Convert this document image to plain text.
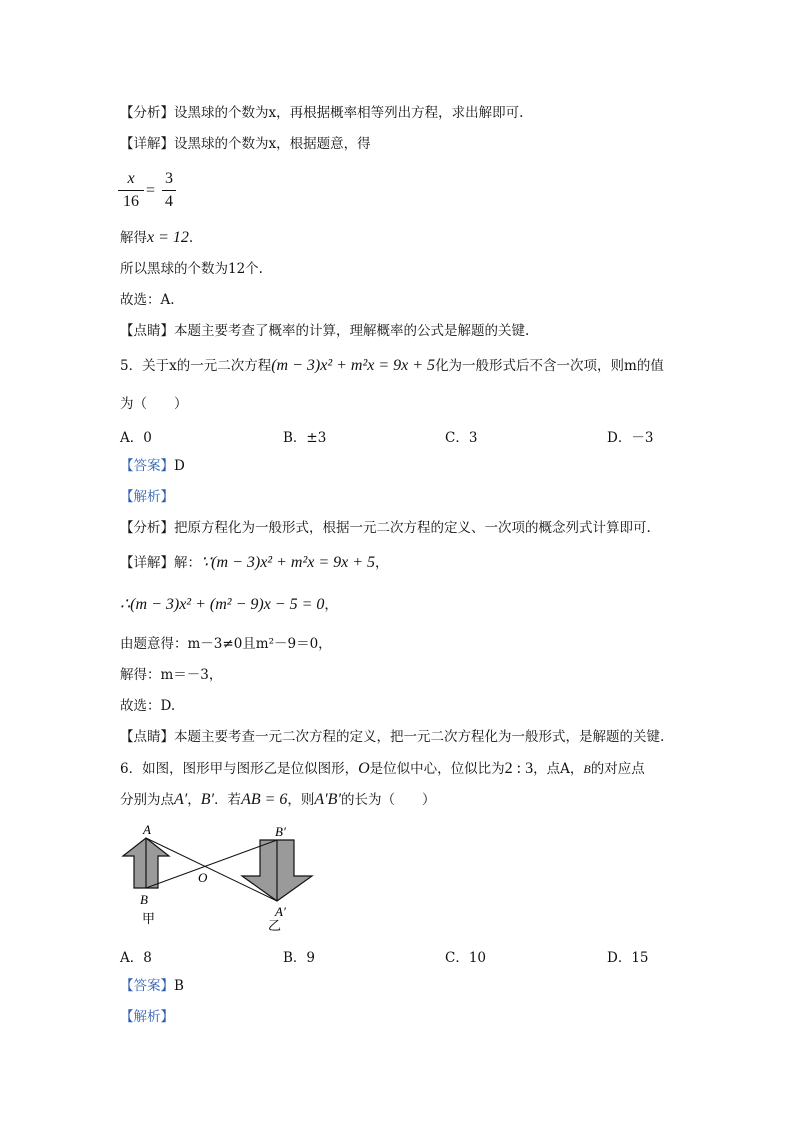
【分析】设黑球的个数为x，再根据概率相等列出方程，求出解即可.
【详解】设黑球的个数为x，根据题意，得
x
16
=
3
4
解得x = 12.
所以黑球的个数为12个.
故选：A.
【点睛】本题主要考查了概率的计算，理解概率的公式是解题的关键.
5．关于x的一元二次方程(m − 3)x² + m²x = 9x + 5化为一般形式后不含一次项，则m的值
为（　　）
A．0	B．±3	C．3	D．－3
【答案】D
【解析】
【分析】把原方程化为一般形式，根据一元二次方程的定义、一次项的概念列式计算即可.
【详解】解：∵(m − 3)x² + m²x = 9x + 5，
∴(m − 3)x² + (m² − 9)x − 5 = 0，
由题意得：m－3≠0且m²－9＝0，
解得：m＝－3，
故选：D.
【点睛】本题主要考查一元二次方程的定义，把一元二次方程化为一般形式，是解题的关键.
6．如图，图形甲与图形乙是位似图形，O是位似中心，位似比为2 : 3，点A，B的对应点
分别为点A′，B′．若AB = 6，则A′B′的长为（　　）
A
B
O
B′
A′
甲	乙
A．8	B．9	C．10	D．15
【答案】B
【解析】
